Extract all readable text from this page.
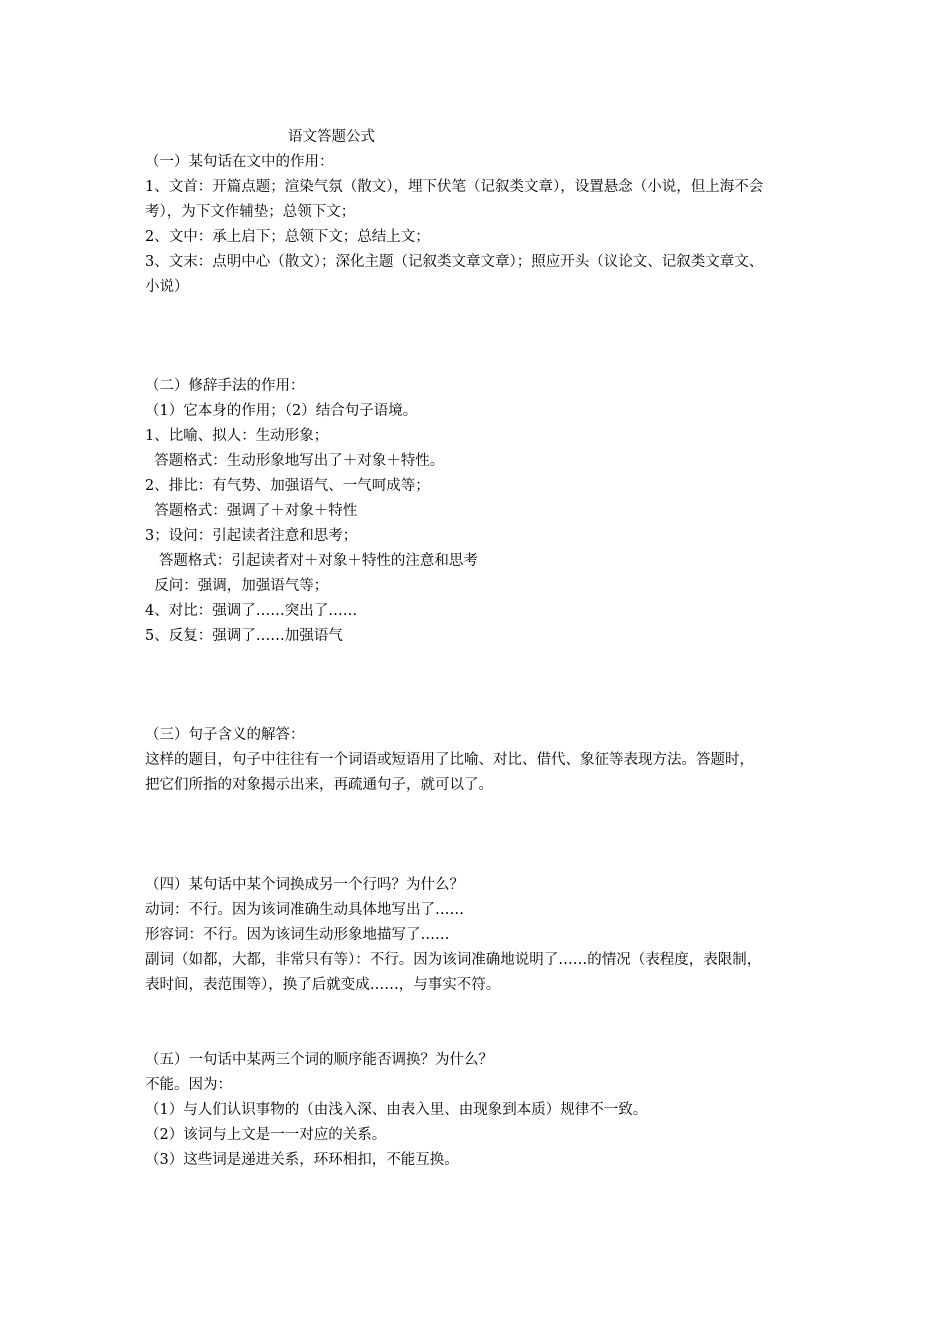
语文答题公式
（一）某句话在文中的作用：
1、文首：开篇点题；渲染气氛（散文），埋下伏笔（记叙类文章），设置悬念（小说，但上海不会
考），为下文作辅垫；总领下文；
2、文中：承上启下；总领下文；总结上文；
3、文末：点明中心（散文）；深化主题（记叙类文章文章）；照应开头（议论文、记叙类文章文、
小说）
（二）修辞手法的作用：
（1）它本身的作用；（2）结合句子语境。
1、比喻、拟人：生动形象；
答题格式：生动形象地写出了＋对象＋特性。
2、排比：有气势、加强语气、一气呵成等；
答题格式：强调了＋对象＋特性
3；设问：引起读者注意和思考；
答题格式：引起读者对＋对象＋特性的注意和思考
反问：强调，加强语气等；
4、对比：强调了……突出了……
5、反复：强调了……加强语气
（三）句子含义的解答：
这样的题目，句子中往往有一个词语或短语用了比喻、对比、借代、象征等表现方法。答题时，
把它们所指的对象揭示出来，再疏通句子，就可以了。
（四）某句话中某个词换成另一个行吗？为什么？
动词：不行。因为该词准确生动具体地写出了……
形容词：不行。因为该词生动形象地描写了……
副词（如都，大都，非常只有等）：不行。因为该词准确地说明了……的情况（表程度，表限制，
表时间，表范围等），换了后就变成……，与事实不符。
（五）一句话中某两三个词的顺序能否调换？为什么？
不能。因为：
（1）与人们认识事物的（由浅入深、由表入里、由现象到本质）规律不一致。
（2）该词与上文是一一对应的关系。
（3）这些词是递进关系，环环相扣，不能互换。
